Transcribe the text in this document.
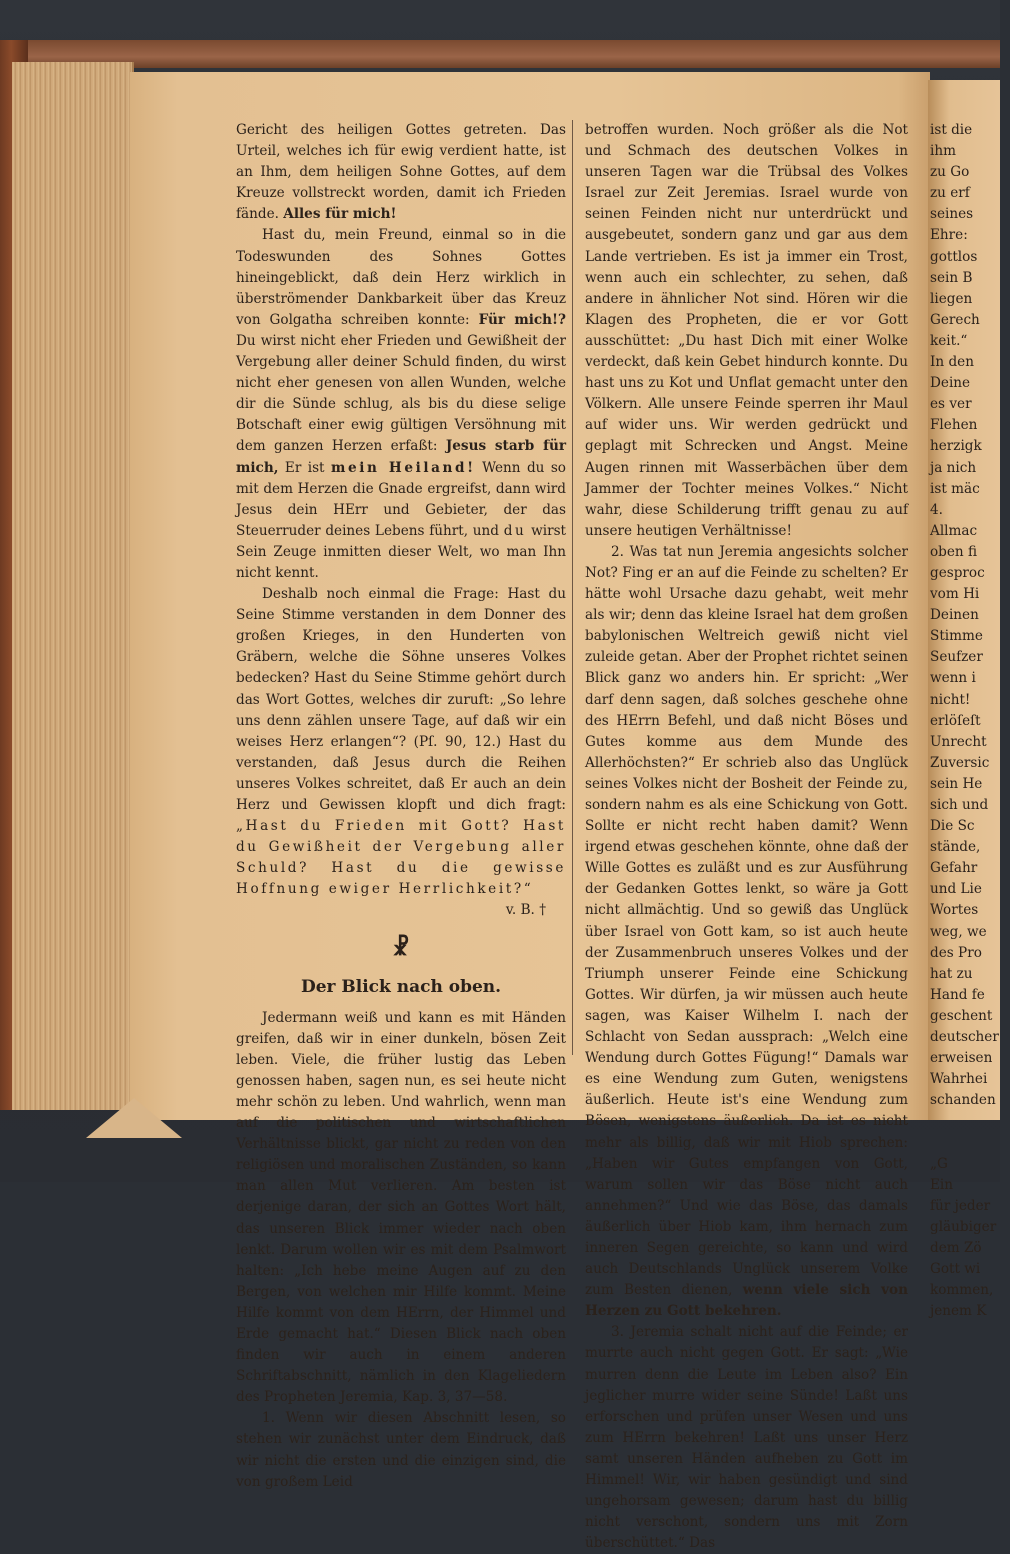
Gericht des heiligen Gottes getreten. Das Urteil, welches ich für ewig verdient hatte, ist an Ihm, dem heiligen Sohne Gottes, auf dem Kreuze vollstreckt worden, damit ich Frieden fände. Alles für mich!

Hast du, mein Freund, einmal so in die Todeswunden des Sohnes Gottes hineingeblickt, daß dein Herz wirklich in überströmender Dankbarkeit über das Kreuz von Golgatha schreiben konnte: Für mich!? Du wirst nicht eher Frieden und Gewißheit der Vergebung aller deiner Schuld finden, du wirst nicht eher genesen von allen Wunden, welche dir die Sünde schlug, als bis du diese selige Botschaft einer ewig gültigen Versöhnung mit dem ganzen Herzen erfaßt: Jesus starb für mich, Er ist mein Heiland! Wenn du so mit dem Herzen die Gnade ergreifst, dann wird Jesus dein HErr und Gebieter, der das Steuerruder deines Lebens führt, und du wirst Sein Zeuge inmitten dieser Welt, wo man Ihn nicht kennt.

Deshalb noch einmal die Frage: Hast du Seine Stimme verstanden in dem Donner des großen Krieges, in den Hunderten von Gräbern, welche die Söhne unseres Volkes bedecken? Hast du Seine Stimme gehört durch das Wort Gottes, welches dir zuruft: „So lehre uns denn zählen unsere Tage, auf daß wir ein weises Herz erlangen“? (Pſ. 90, 12.) Hast du verstanden, daß Jesus durch die Reihen unseres Volkes schreitet, daß Er auch an dein Herz und Gewissen klopft und dich fragt: „Hast du Frieden mit Gott? Hast du Gewißheit der Vergebung aller Schuld? Hast du die gewisse Hoffnung ewiger Herrlichkeit?“

v. B. †

☧

Der Blick nach oben.

Jedermann weiß und kann es mit Händen greifen, daß wir in einer dunkeln, bösen Zeit leben. Viele, die früher lustig das Leben genossen haben, sagen nun, es sei heute nicht mehr schön zu leben. Und wahrlich, wenn man auf die politischen und wirtschaftlichen Verhältnisse blickt, gar nicht zu reden von den religiösen und moralischen Zuständen, so kann man allen Mut verlieren. Am besten ist derjenige daran, der sich an Gottes Wort hält, das unseren Blick immer wieder nach oben lenkt. Darum wollen wir es mit dem Psalmwort halten: „Ich hebe meine Augen auf zu den Bergen, von welchen mir Hilfe kommt. Meine Hilfe kommt von dem HErrn, der Himmel und Erde gemacht hat.“ Diesen Blick nach oben finden wir auch in einem anderen Schriftabschnitt, nämlich in den Klageliedern des Propheten Jeremia, Kap. 3, 37—58.

1. Wenn wir diesen Abschnitt lesen, so stehen wir zunächst unter dem Eindruck, daß wir nicht die ersten und die einzigen sind, die von großem Leid

betroffen wurden. Noch größer als die Not und Schmach des deutschen Volkes in unseren Tagen war die Trübsal des Volkes Israel zur Zeit Jeremias. Israel wurde von seinen Feinden nicht nur unterdrückt und ausgebeutet, sondern ganz und gar aus dem Lande vertrieben. Es ist ja immer ein Trost, wenn auch ein schlechter, zu sehen, daß andere in ähnlicher Not sind. Hören wir die Klagen des Propheten, die er vor Gott ausschüttet: „Du hast Dich mit einer Wolke verdeckt, daß kein Gebet hindurch konnte. Du hast uns zu Kot und Unflat gemacht unter den Völkern. Alle unsere Feinde sperren ihr Maul auf wider uns. Wir werden gedrückt und geplagt mit Schrecken und Angst. Meine Augen rinnen mit Wasserbächen über dem Jammer der Tochter meines Volkes.“ Nicht wahr, diese Schilderung trifft genau zu auf unsere heutigen Verhältnisse!

2. Was tat nun Jeremia angesichts solcher Not? Fing er an auf die Feinde zu schelten? Er hätte wohl Ursache dazu gehabt, weit mehr als wir; denn das kleine Israel hat dem großen babylonischen Weltreich gewiß nicht viel zuleide getan. Aber der Prophet richtet seinen Blick ganz wo anders hin. Er spricht: „Wer darf denn sagen, daß solches geschehe ohne des HErrn Befehl, und daß nicht Böses und Gutes komme aus dem Munde des Allerhöchsten?“ Er schrieb also das Unglück seines Volkes nicht der Bosheit der Feinde zu, sondern nahm es als eine Schickung von Gott. Sollte er nicht recht haben damit? Wenn irgend etwas geschehen könnte, ohne daß der Wille Gottes es zuläßt und es zur Ausführung der Gedanken Gottes lenkt, so wäre ja Gott nicht allmächtig. Und so gewiß das Unglück über Israel von Gott kam, so ist auch heute der Zusammenbruch unseres Volkes und der Triumph unserer Feinde eine Schickung Gottes. Wir dürfen, ja wir müssen auch heute sagen, was Kaiser Wilhelm I. nach der Schlacht von Sedan aussprach: „Welch eine Wendung durch Gottes Fügung!“ Damals war es eine Wendung zum Guten, wenigstens äußerlich. Heute ist's eine Wendung zum Bösen, wenigstens äußerlich. Da ist es nicht mehr als billig, daß wir mit Hiob sprechen: „Haben wir Gutes empfangen von Gott, warum sollen wir das Böse nicht auch annehmen?“ Und wie das Böse, das damals äußerlich über Hiob kam, ihm hernach zum inneren Segen gereichte, so kann und wird auch Deutschlands Unglück unserem Volke zum Besten dienen, wenn viele sich von Herzen zu Gott bekehren.

3. Jeremia schalt nicht auf die Feinde; er murrte auch nicht gegen Gott. Er sagt: „Wie murren denn die Leute im Leben also? Ein jeglicher murre wider seine Sünde! Laßt uns erforschen und prüfen unser Wesen und uns zum HErrn bekehren! Laßt uns unser Herz samt unseren Händen aufheben zu Gott im Himmel! Wir, wir haben gesündigt und sind ungehorsam gewesen; darum hast du billig nicht verschont, sondern uns mit Zorn überschüttet.“ Das

ist die
ihm
zu Go
zu erf
seines
Ehre:
gottlos
sein B
liegen
Gerech
keit.“
In den
Deine
es ver
Flehen
herzigk
ja nich
ist mäc
4.
Allmac
oben fi
gesproc
vom Hi
Deinen
Stimme
Seufzer
wenn i
nicht!
erlöſeſt
Unrecht
Zuversic
sein He
sich und
Die Sc
stände,
Gefahr
und Lie
Wortes
weg, we
des Pro
hat zu
Hand fe
geschent
deutscher
erweisen
Wahrhei
schanden
„G
Ein
für jeder
gläubiger
dem Zö
Gott wi
kommen,
jenem K
